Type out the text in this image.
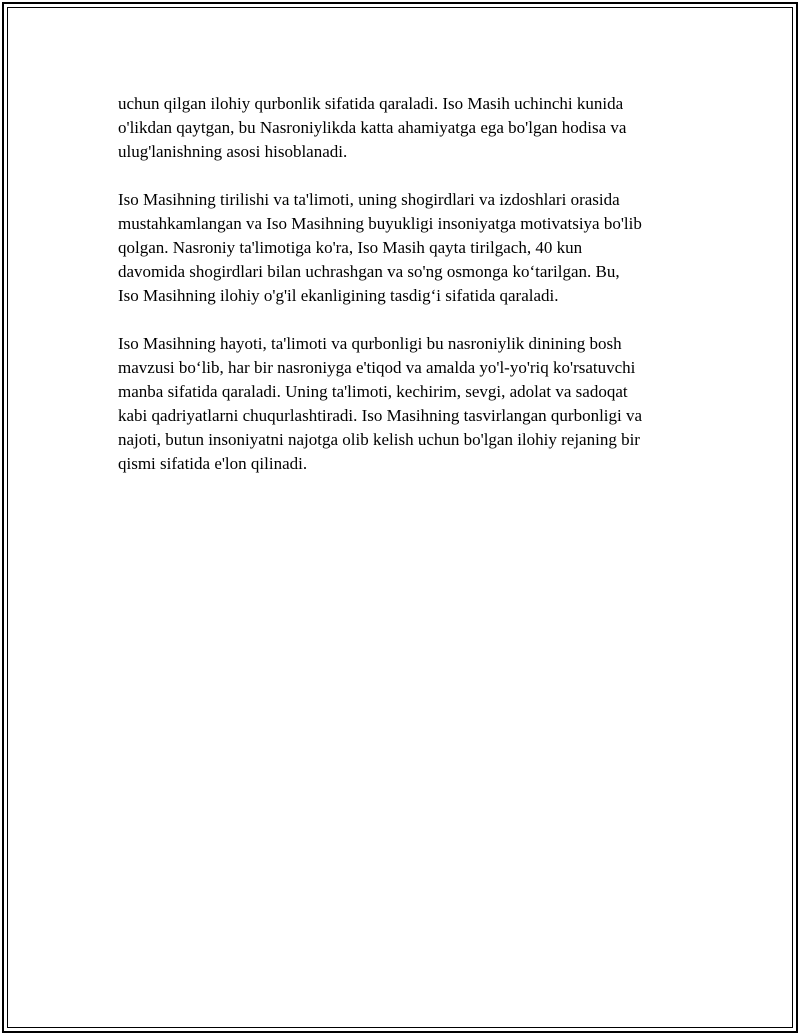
uchun qilgan ilohiy qurbonlik sifatida qaraladi. Iso Masih uchinchi kunida
o'likdan qaytgan, bu Nasroniylikda katta ahamiyatga ega bo'lgan hodisa va
ulug'lanishning asosi hisoblanadi.

Iso Masihning tirilishi va ta'limoti, uning shogirdlari va izdoshlari orasida
mustahkamlangan va Iso Masihning buyukligi insoniyatga motivatsiya bo'lib
qolgan. Nasroniy ta'limotiga ko'ra, Iso Masih qayta tirilgach, 40 kun
davomida shogirdlari bilan uchrashgan va so'ng osmonga ko‘tarilgan. Bu,
Iso Masihning ilohiy o'g'il ekanligining tasdig‘i sifatida qaraladi.

Iso Masihning hayoti, ta'limoti va qurbonligi bu nasroniylik dinining bosh
mavzusi bo‘lib, har bir nasroniyga e'tiqod va amalda yo'l-yo'riq ko'rsatuvchi
manba sifatida qaraladi. Uning ta'limoti, kechirim, sevgi, adolat va sadoqat
kabi qadriyatlarni chuqurlashtiradi. Iso Masihning tasvirlangan qurbonligi va
najoti, butun insoniyatni najotga olib kelish uchun bo'lgan ilohiy rejaning bir
qismi sifatida e'lon qilinadi.
